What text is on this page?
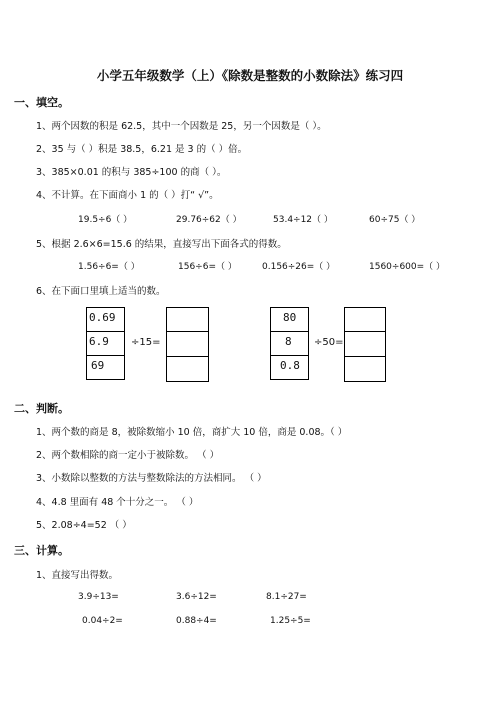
小学五年级数学（上）《除数是整数的小数除法》练习四
一、填空。
1、两个因数的积是 62.5，其中一个因数是 25，另一个因数是（ ）。
2、35 与（ ）积是 38.5，6.21 是 3 的（ ）倍。
3、385×0.01 的积与 385÷100 的商（ ）。
4、不计算。在下面商小 1 的（ ）打“ √”。
19.5÷6（ ）	29.76÷62（ ）	53.4÷12（ ）	60÷75（ ）
5、根据 2.6×6=15.6 的结果，直接写出下面各式的得数。
1.56÷6=（ ）	156÷6=（ ）	0.156÷26=（ ）	1560÷600=（ ）
6、在下面口里填上适当的数。
0.69
6.9
69
÷15=
80
8
0.8
÷50=
二、判断。
1、两个数的商是 8，被除数缩小 10 倍，商扩大 10 倍，商是 0.08。（ ）
2、两个数相除的商一定小于被除数。 （ ）
3、小数除以整数的方法与整数除法的方法相同。 （ ）
4、4.8 里面有 48 个十分之一。 （ ）
5、2.08÷4=52 （ ）
三、计算。
1、直接写出得数。
3.9÷13=	3.6÷12=	8.1÷27=
0.04÷2=	0.88÷4=	1.25÷5=
